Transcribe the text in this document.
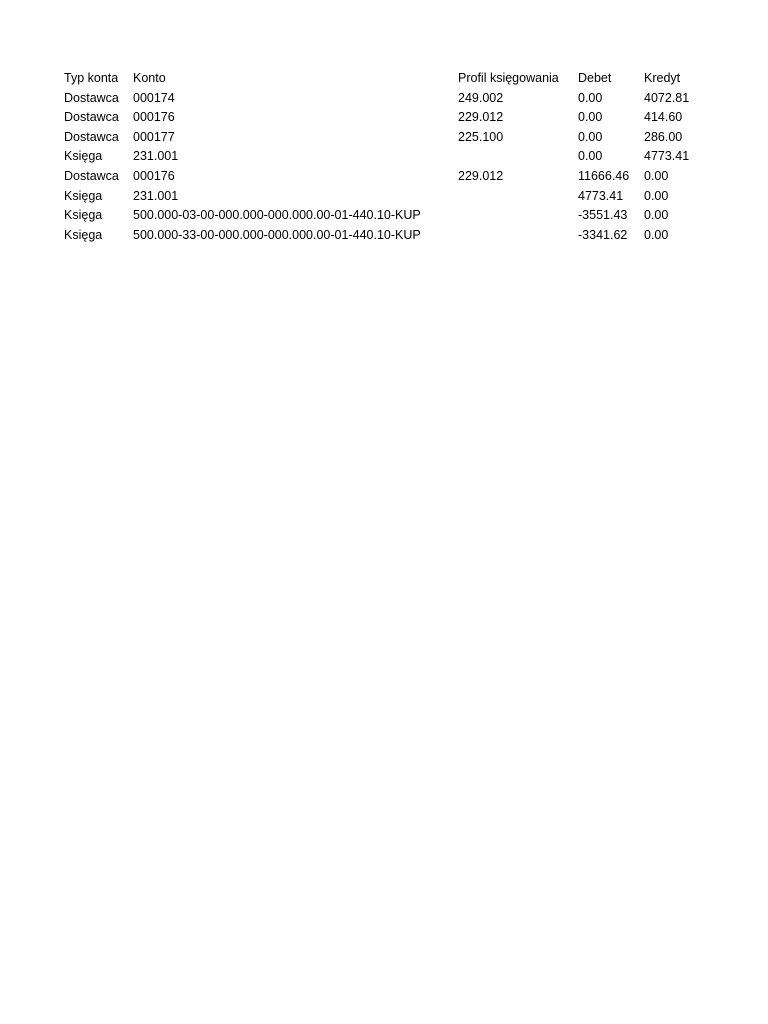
Typ konta	Konto	Profil księgowania	Debet	Kredyt
Dostawca	000174	249.002	0.00	4072.81
Dostawca	000176	229.012	0.00	414.60
Dostawca	000177	225.100	0.00	286.00
Księga	231.001		0.00	4773.41
Dostawca	000176	229.012	11666.46	0.00
Księga	231.001		4773.41	0.00
Księga	500.000-03-00-000.000-000.000.00-01-440.10-KUP		-3551.43	0.00
Księga	500.000-33-00-000.000-000.000.00-01-440.10-KUP		-3341.62	0.00
